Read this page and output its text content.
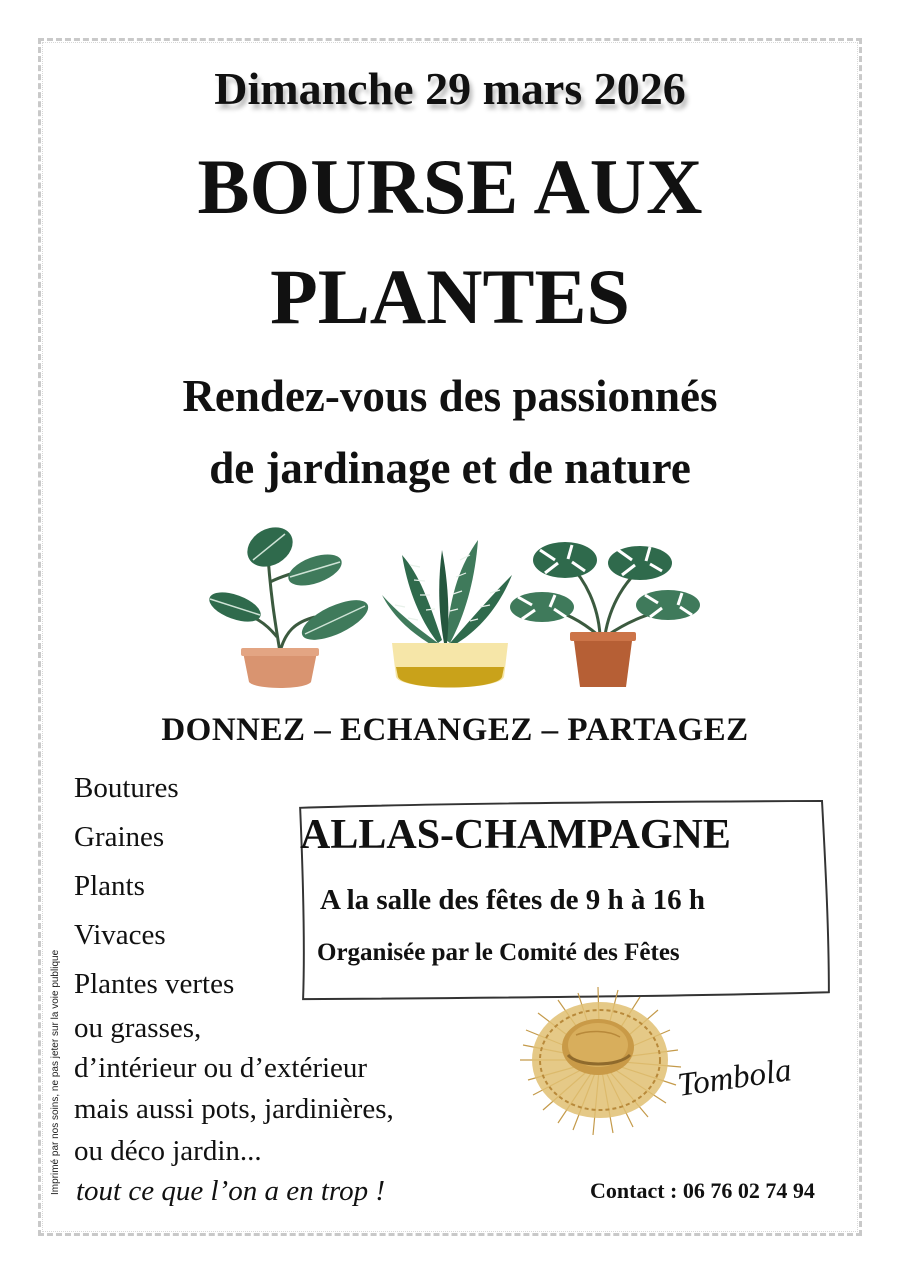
Dimanche 29 mars 2026
BOURSE AUX
PLANTES
Rendez-vous des passionnés
de jardinage et de nature
DONNEZ – ECHANGEZ – PARTAGEZ
Boutures
Graines
Plants
Vivaces
Plantes vertes
ou grasses,
d’intérieur ou d’extérieur
mais aussi pots, jardinières,
ou déco jardin...
tout ce que l’on a en trop !
ALLAS-CHAMPAGNE
A la salle des fêtes de 9 h à 16 h
Organisée par le Comité des Fêtes
Tombola
Contact : 06 76 02 74 94
Imprimé par nos soins, ne pas jeter sur la voie publique
